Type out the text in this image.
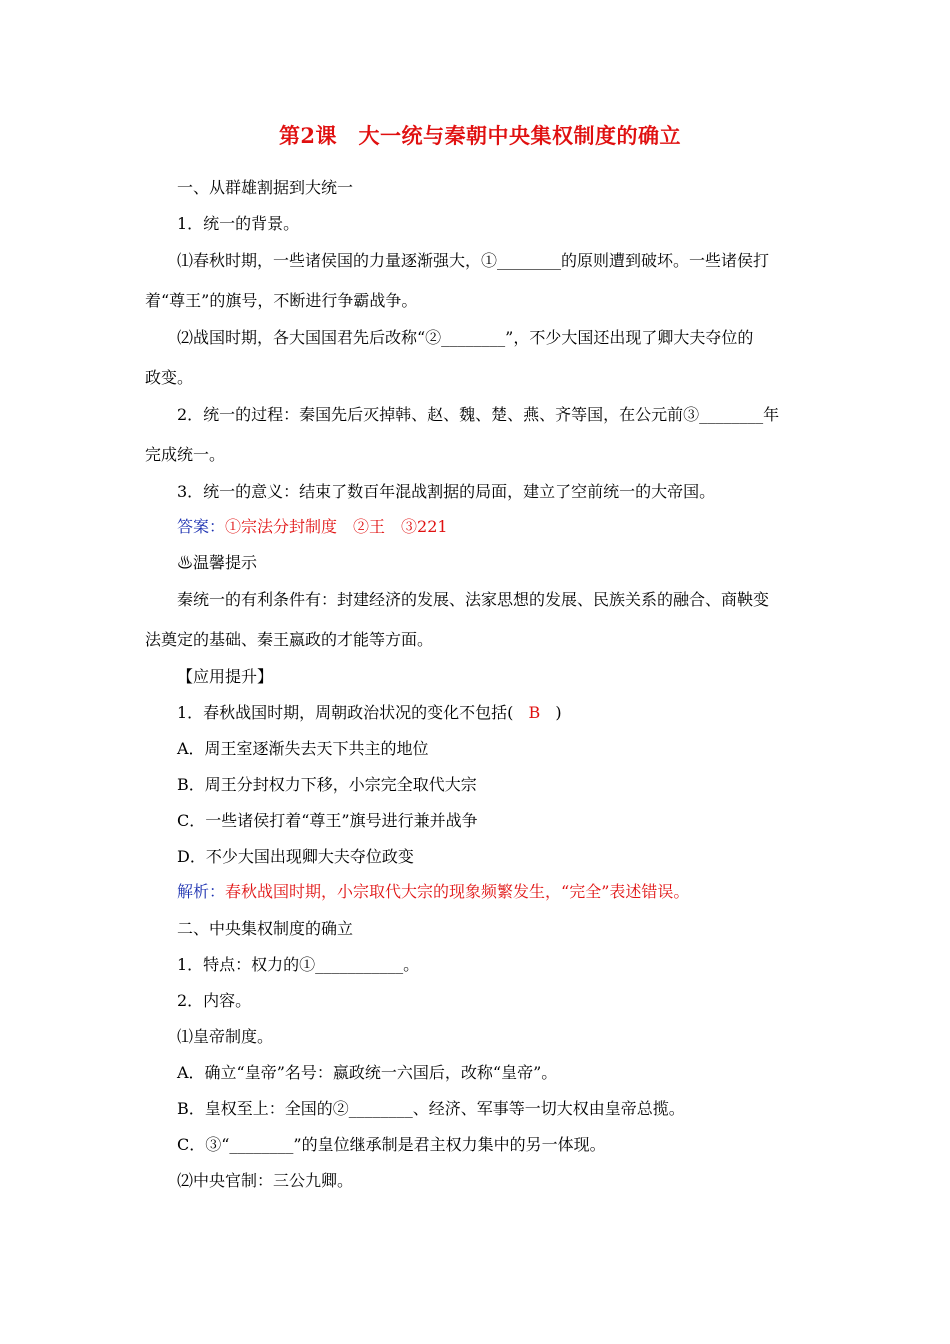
第2课　大一统与秦朝中央集权制度的确立
一、从群雄割据到大统一
1．统一的背景。
⑴春秋时期，一些诸侯国的力量逐渐强大，①________的原则遭到破坏。一些诸侯打
着“尊王”的旗号，不断进行争霸战争。
⑵战国时期，各大国国君先后改称“②________”，不少大国还出现了卿大夫夺位的
政变。
2．统一的过程：秦国先后灭掉韩、赵、魏、楚、燕、齐等国，在公元前③________年
完成统一。
3．统一的意义：结束了数百年混战割据的局面，建立了空前统一的大帝国。
答案：①宗法分封制度　②王　③221
♨温馨提示
秦统一的有利条件有：封建经济的发展、法家思想的发展、民族关系的融合、商鞅变
法奠定的基础、秦王嬴政的才能等方面。
【应用提升】
1．春秋战国时期，周朝政治状况的变化不包括( B )
A．周王室逐渐失去天下共主的地位
B．周王分封权力下移，小宗完全取代大宗
C．一些诸侯打着“尊王”旗号进行兼并战争
D．不少大国出现卿大夫夺位政变
解析：春秋战国时期，小宗取代大宗的现象频繁发生，“完全”表述错误。
二、中央集权制度的确立
1．特点：权力的①___________。
2．内容。
⑴皇帝制度。
A．确立“皇帝”名号：嬴政统一六国后，改称“皇帝”。
B．皇权至上：全国的②________、经济、军事等一切大权由皇帝总揽。
C．③“________”的皇位继承制是君主权力集中的另一体现。
⑵中央官制：三公九卿。
